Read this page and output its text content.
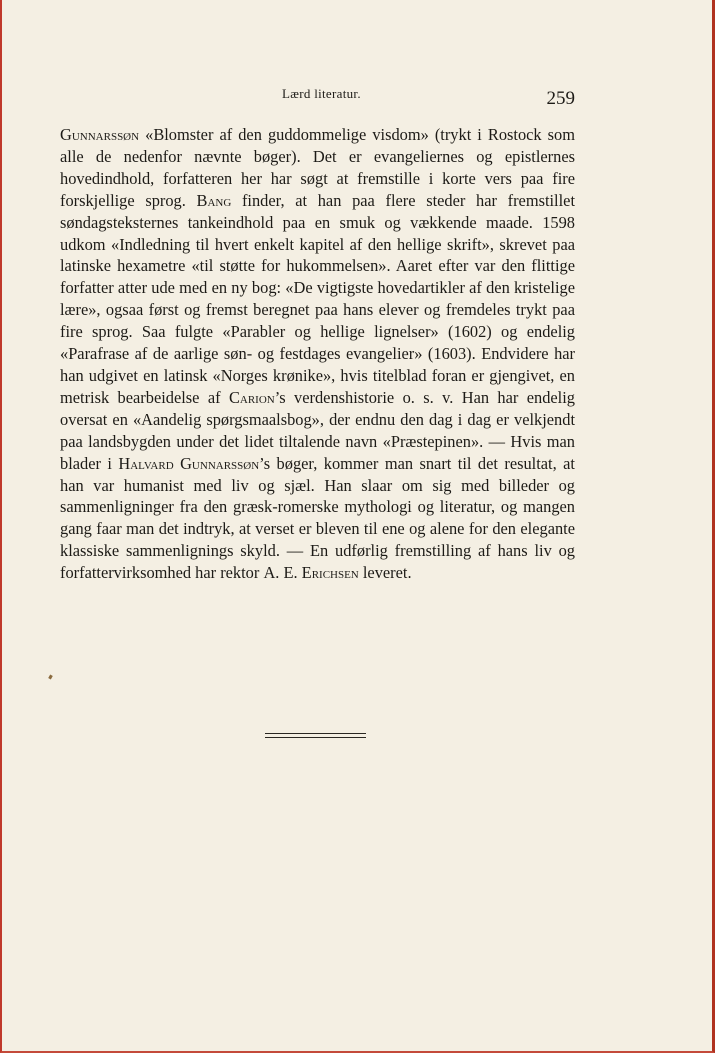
Lærd literatur.	259

Gunnarssøn «Blomster af den guddommelige visdom» (trykt i Rostock som alle de nedenfor nævnte bøger). Det er evangeliernes og epistlernes hovedindhold, forfatteren her har søgt at fremstille i korte vers paa fire forskjellige sprog. Bang finder, at han paa flere steder har fremstillet søndagsteksternes tankeindhold paa en smuk og vækkende maade. 1598 udkom «Indledning til hvert enkelt kapitel af den hellige skrift», skrevet paa latinske hexametre «til støtte for hukommelsen». Aaret efter var den flittige forfatter atter ude med en ny bog: «De vigtigste hovedartikler af den kristelige lære», ogsaa først og fremst beregnet paa hans elever og fremdeles trykt paa fire sprog. Saa fulgte «Parabler og hellige lignelser» (1602) og endelig «Parafrase af de aarlige søn- og festdages evangelier» (1603). Endvidere har han udgivet en latinsk «Norges krønike», hvis titelblad foran er gjengivet, en metrisk bearbeidelse af Carion’s verdenshistorie o. s. v. Han har endelig oversat en «Aandelig spørgsmaalsbog», der endnu den dag i dag er velkjendt paa landsbygden under det lidet tiltalende navn «Præstepinen». — Hvis man blader i Halvard Gunnarssøn’s bøger, kommer man snart til det resultat, at han var humanist med liv og sjæl. Han slaar om sig med billeder og sammenligninger fra den græsk-romerske mythologi og literatur, og mangen gang faar man det indtryk, at verset er bleven til ene og alene for den elegante klassiske sammenlignings skyld. — En udførlig fremstilling af hans liv og forfattervirksomhed har rektor A. E. Erichsen leveret.
